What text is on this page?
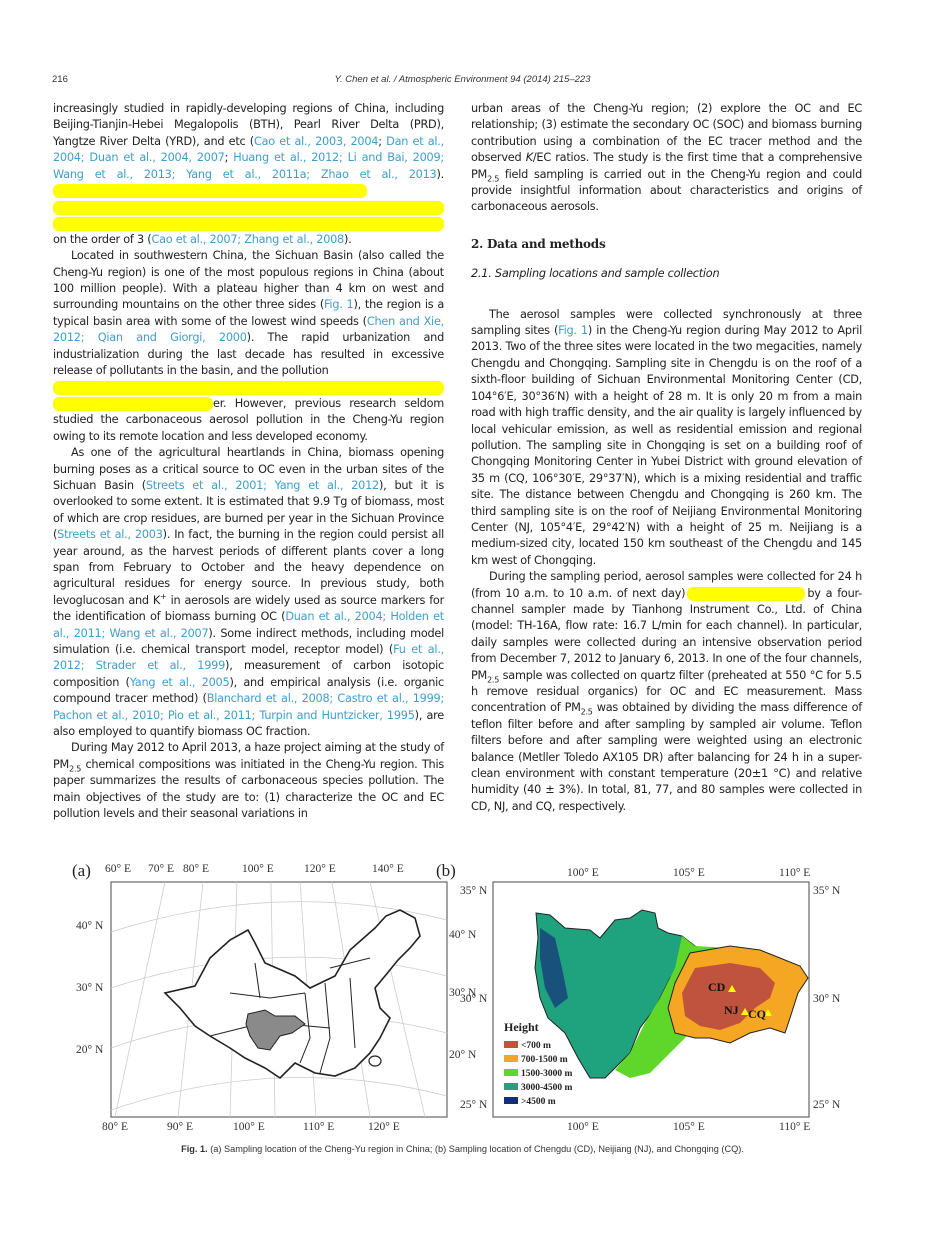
216	Y. Chen et al. / Atmospheric Environment 94 (2014) 215–223

increasingly studied in rapidly-developing regions of China, including Beijing-Tianjin-Hebei Megalopolis (BTH), Pearl River Delta (PRD), Yangtze River Delta (YRD), and etc (Cao et al., 2003, 2004; Dan et al., 2004; Duan et al., 2004, 2007; Huang et al., 2012; Li and Bai, 2009; Wang et al., 2013; Yang et al., 2011a; Zhao et al., 2013).
on the order of 3 (Cao et al., 2007; Zhang et al., 2008).

Located in southwestern China, the Sichuan Basin (also called the Cheng-Yu region) is one of the most populous regions in China (about 100 million people). With a plateau higher than 4 km on west and surrounding mountains on the other three sides (Fig. 1), the region is a typical basin area with some of the lowest wind speeds (Chen and Xie, 2012; Qian and Giorgi, 2000). The rapid urbanization and industrialization during the last decade has resulted in excessive release of pollutants in the basin, and the pollution
er. However, previous research seldom studied the carbonaceous aerosol pollution in the Cheng-Yu region owing to its remote location and less developed economy.

As one of the agricultural heartlands in China, biomass opening burning poses as a critical source to OC even in the urban sites of the Sichuan Basin (Streets et al., 2001; Yang et al., 2012), but it is overlooked to some extent. It is estimated that 9.9 Tg of biomass, most of which are crop residues, are burned per year in the Sichuan Province (Streets et al., 2003). In fact, the burning in the region could persist all year around, as the harvest periods of different plants cover a long span from February to October and the heavy dependence on agricultural residues for energy source. In previous study, both levoglucosan and K+ in aerosols are widely used as source markers for the identification of biomass burning OC (Duan et al., 2004; Holden et al., 2011; Wang et al., 2007). Some indirect methods, including model simulation (i.e. chemical transport model, receptor model) (Fu et al., 2012; Strader et al., 1999), measurement of carbon isotopic composition (Yang et al., 2005), and empirical analysis (i.e. organic compound tracer method) (Blanchard et al., 2008; Castro et al., 1999; Pachon et al., 2010; Pio et al., 2011; Turpin and Huntzicker, 1995), are also employed to quantify biomass OC fraction.

During May 2012 to April 2013, a haze project aiming at the study of $PM_{2.5}$ chemical compositions was initiated in the Cheng-Yu region. This paper summarizes the results of carbonaceous species pollution. The main objectives of the study are to: (1) characterize the OC and EC pollution levels and their seasonal variations in

urban areas of the Cheng-Yu region; (2) explore the OC and EC relationship; (3) estimate the secondary OC (SOC) and biomass burning contribution using a combination of the EC tracer method and the observed K/EC ratios. The study is the first time that a comprehensive $PM_{2.5}$ field sampling is carried out in the Cheng-Yu region and could provide insightful information about characteristics and origins of carbonaceous aerosols.

2. Data and methods

2.1. Sampling locations and sample collection

The aerosol samples were collected synchronously at three sampling sites (Fig. 1) in the Cheng-Yu region during May 2012 to April 2013. Two of the three sites were located in the two megacities, namely Chengdu and Chongqing. Sampling site in Chengdu is on the roof of a sixth-floor building of Sichuan Environmental Monitoring Center (CD, 104°6′E, 30°36′N) with a height of 28 m. It is only 20 m from a main road with high traffic density, and the air quality is largely influenced by local vehicular emission, as well as residential emission and regional pollution. The sampling site in Chongqing is set on a building roof of Chongqing Monitoring Center in Yubei District with ground elevation of 35 m (CQ, 106°30′E, 29°37′N), which is a mixing residential and traffic site. The distance between Chengdu and Chongqing is 260 km. The third sampling site is on the roof of Neijiang Environmental Monitoring Center (NJ, 105°4′E, 29°42′N) with a height of 25 m. Neijiang is a medium-sized city, located 150 km southeast of the Chengdu and 145 km west of Chongqing.

During the sampling period, aerosol samples were collected for 24 h (from 10 a.m. to 10 a.m. of next day)	by a four-channel sampler made by Tianhong Instrument Co., Ltd. of China (model: TH-16A, flow rate: 16.7 L/min for each channel). In particular, daily samples were collected during an intensive observation period from December 7, 2012 to January 6, 2013. In one of the four channels, $PM_{2.5}$ sample was collected on quartz filter (preheated at 550 °C for 5.5 h remove residual organics) for OC and EC measurement. Mass concentration of $PM_{2.5}$ was obtained by dividing the mass difference of teflon filter before and after sampling by sampled air volume. Teflon filters before and after sampling were weighted using an electronic balance (Metller Toledo AX105 DR) after balancing for 24 h in a super-clean environment with constant temperature (20±1 °C) and relative humidity (40 ± 3%). In total, 81, 77, and 80 samples were collected in CD, NJ, and CQ, respectively.

(a) 60° E 70° E 80° E	100° E	120° E	140° E
80° E	90° E	100° E	110° E	120° E
40° N
30° N
20° N
40° N
30° N
20° N
(b)
CD
NJ CQ
Height
<700 m
700-1500 m
1500-3000 m
3000-4500 m
>4500 m
100° E	105° E	110° E
100° E	105° E	110° E
35° N
30° N
25° N
35° N
30° N
25° N
Fig. 1. (a) Sampling location of the Cheng-Yu region in China; (b) Sampling location of Chengdu (CD), Neijiang (NJ), and Chongqing (CQ).
